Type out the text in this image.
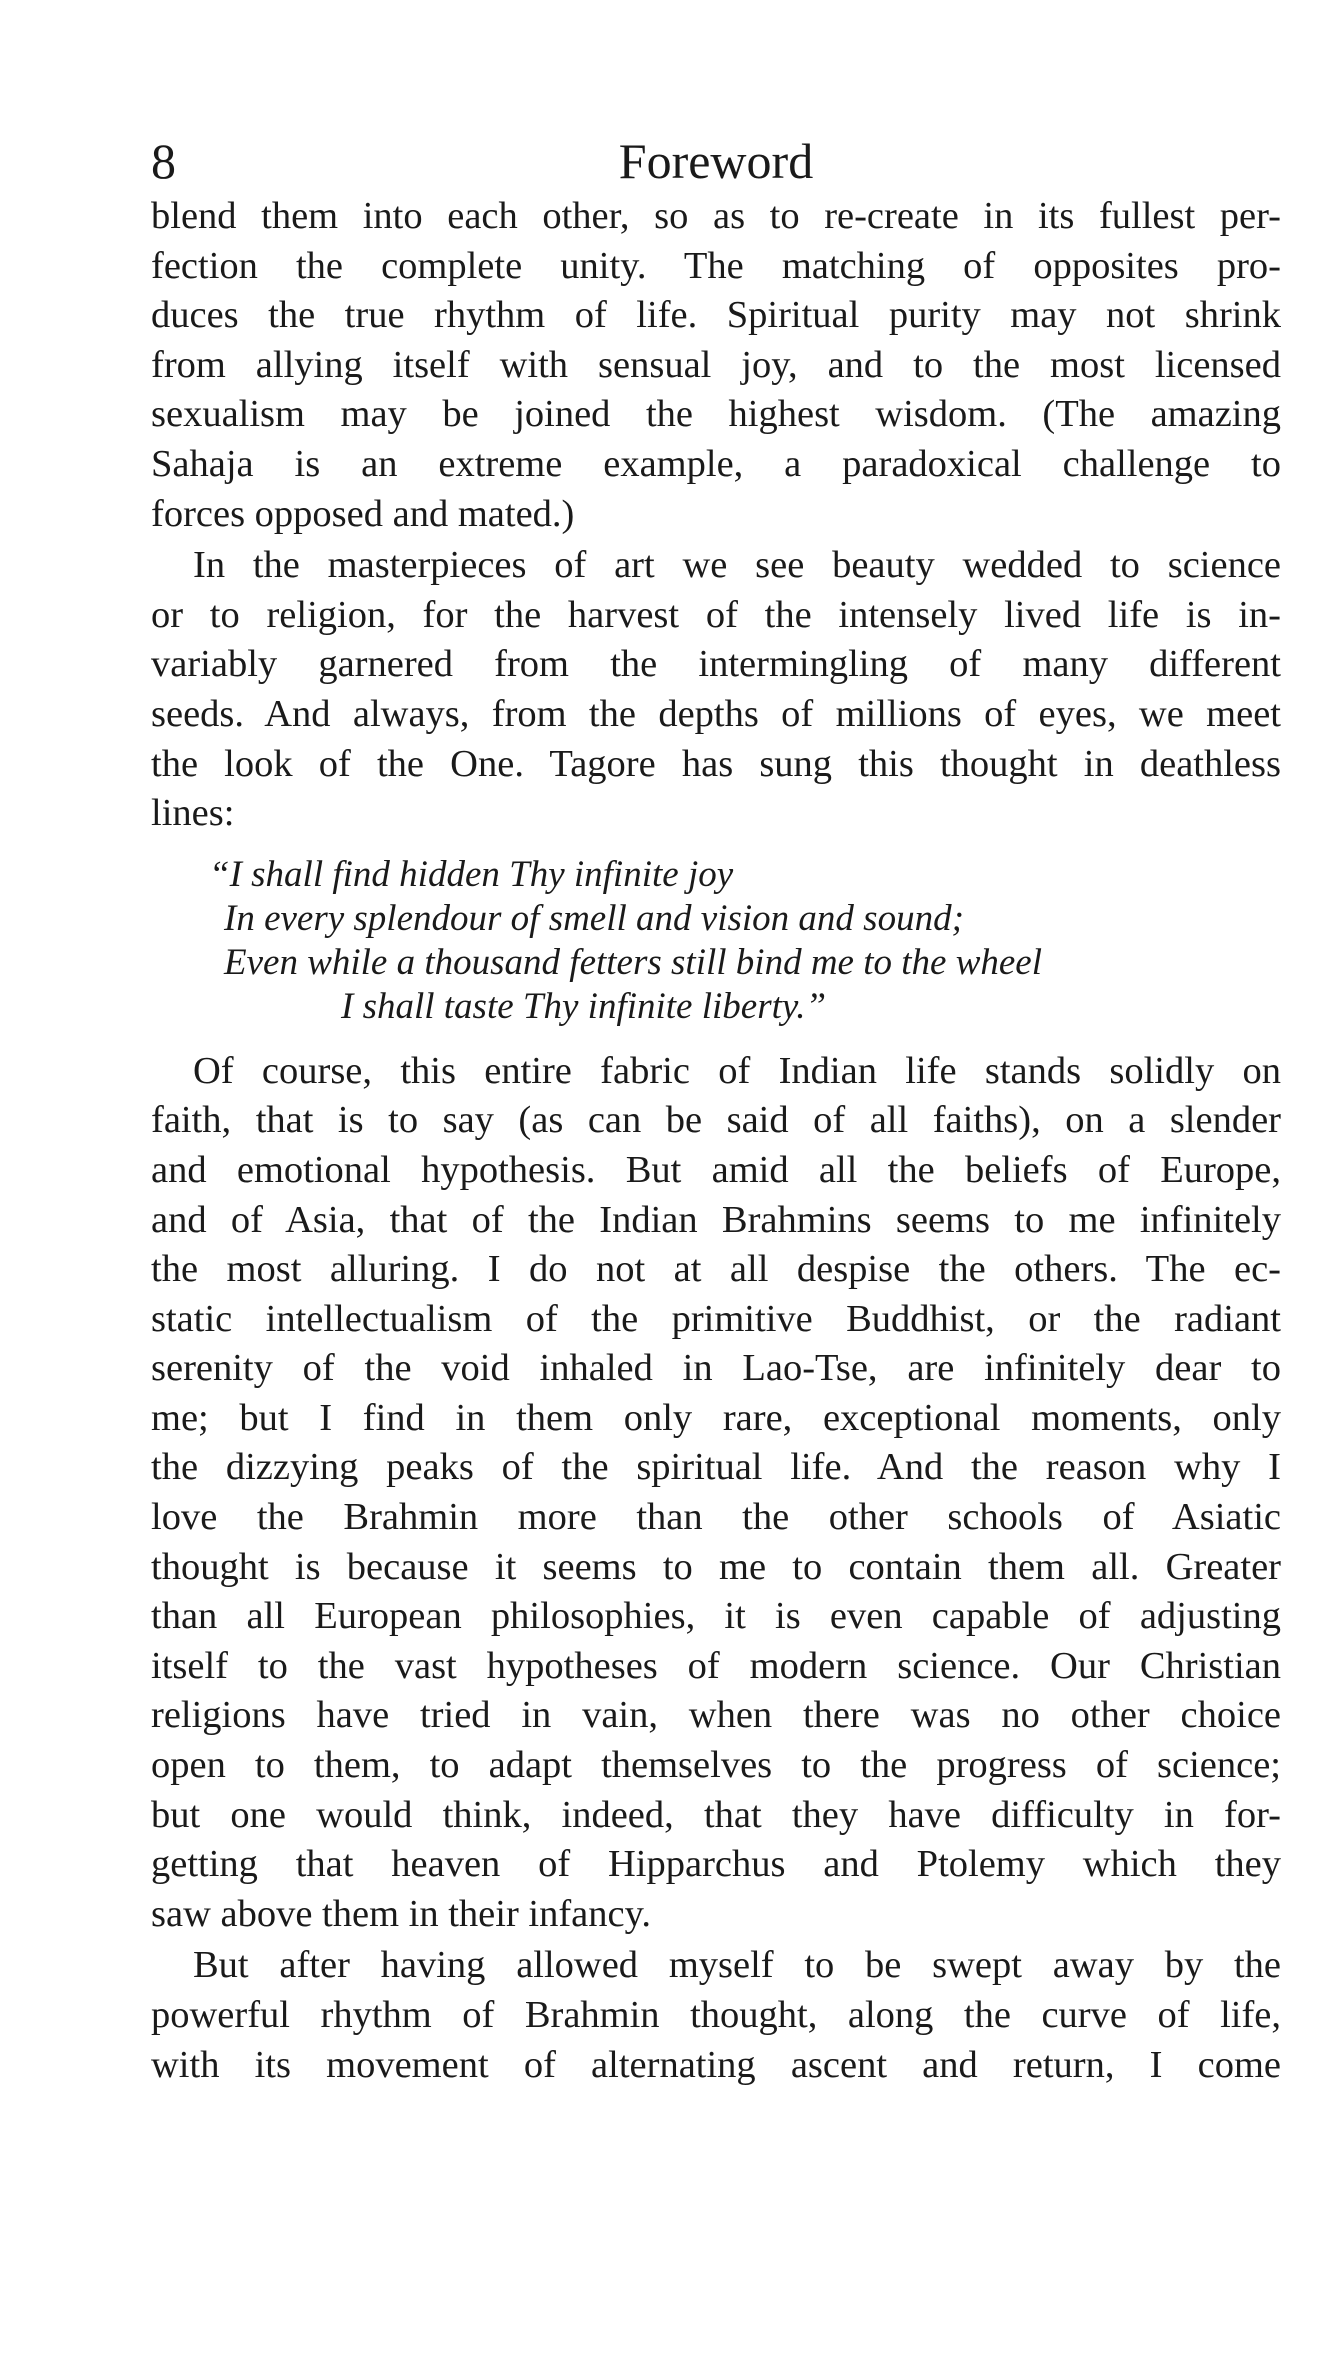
8	Foreword
blend them into each other, so as to re-create in its fullest per-
fection the complete unity. The matching of opposites pro-
duces the true rhythm of life. Spiritual purity may not shrink
from allying itself with sensual joy, and to the most licensed
sexualism may be joined the highest wisdom. (The amazing
Sahaja is an extreme example, a paradoxical challenge to
forces opposed and mated.)
In the masterpieces of art we see beauty wedded to science
or to religion, for the harvest of the intensely lived life is in-
variably garnered from the intermingling of many different
seeds. And always, from the depths of millions of eyes, we meet
the look of the One. Tagore has sung this thought in deathless
lines:
“I shall find hidden Thy infinite joy
In every splendour of smell and vision and sound;
Even while a thousand fetters still bind me to the wheel
I shall taste Thy infinite liberty.”
Of course, this entire fabric of Indian life stands solidly on
faith, that is to say (as can be said of all faiths), on a slender
and emotional hypothesis. But amid all the beliefs of Europe,
and of Asia, that of the Indian Brahmins seems to me infinitely
the most alluring. I do not at all despise the others. The ec-
static intellectualism of the primitive Buddhist, or the radiant
serenity of the void inhaled in Lao-Tse, are infinitely dear to
me; but I find in them only rare, exceptional moments, only
the dizzying peaks of the spiritual life. And the reason why I
love the Brahmin more than the other schools of Asiatic
thought is because it seems to me to contain them all. Greater
than all European philosophies, it is even capable of adjusting
itself to the vast hypotheses of modern science. Our Christian
religions have tried in vain, when there was no other choice
open to them, to adapt themselves to the progress of science;
but one would think, indeed, that they have difficulty in for-
getting that heaven of Hipparchus and Ptolemy which they
saw above them in their infancy.
But after having allowed myself to be swept away by the
powerful rhythm of Brahmin thought, along the curve of life,
with its movement of alternating ascent and return, I come
